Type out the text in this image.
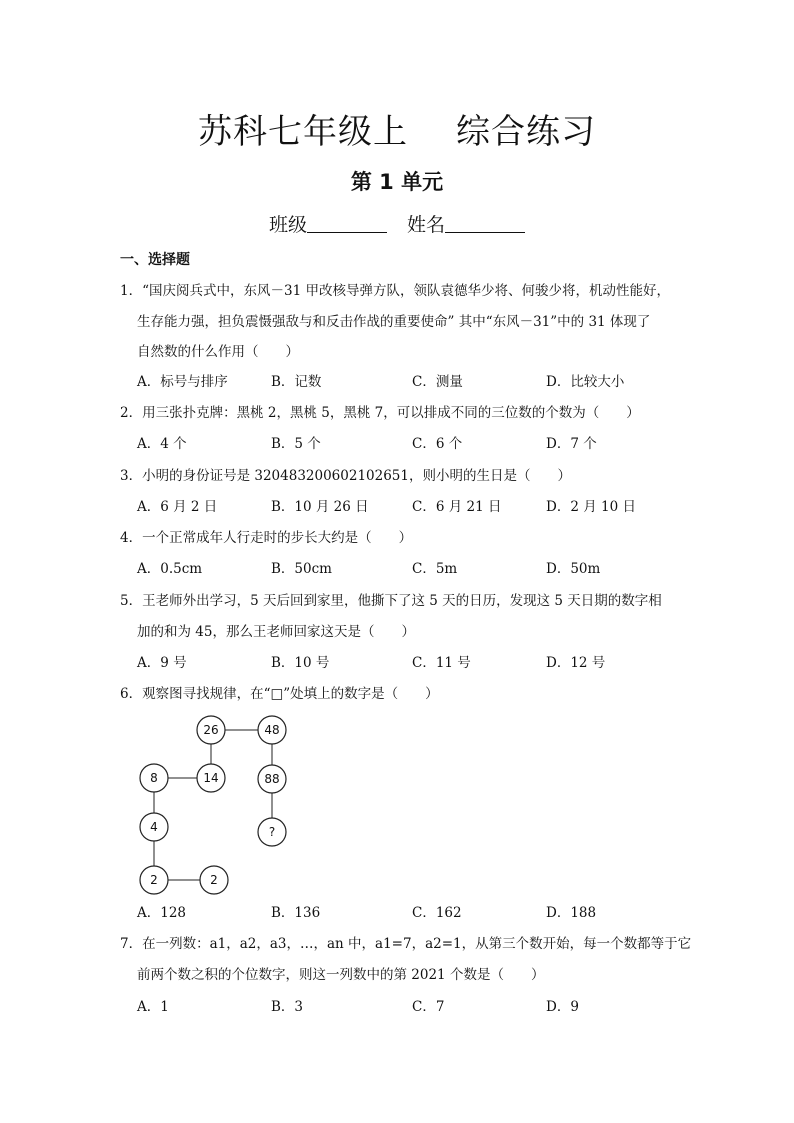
苏科七年级上 综合练习
第 1 单元
班级	姓名
一、选择题
1．“国庆阅兵式中，东风－31 甲改核导弹方队，领队袁德华少将、何骏少将，机动性能好，
生存能力强，担负震慑强敌与和反击作战的重要使命” 其中“东风－31”中的 31 体现了
自然数的什么作用（　　）
A．标号与排序	B．记数	C．测量	D．比较大小
2．用三张扑克牌：黑桃 2，黑桃 5，黑桃 7，可以排成不同的三位数的个数为（　　）
A．4 个	B．5 个	C．6 个	D．7 个
3．小明的身份证号是 320483200602102651，则小明的生日是（　　）
A．6 月 2 日	B．10 月 26 日	C．6 月 21 日	D．2 月 10 日
4．一个正常成年人行走时的步长大约是（　　）
A．0.5cm	B．50cm	C．5m	D．50m
5．王老师外出学习，5 天后回到家里，他撕下了这 5 天的日历，发现这 5 天日期的数字相
加的和为 45，那么王老师回家这天是（　　）
A．9 号	B．10 号	C．11 号	D．12 号
6．观察图寻找规律，在“□”处填上的数字是（　　）
26	48
8	14	88
4	?
2	2
A．128	B．136	C．162	D．188
7．在一列数：a1，a2，a3，…，an 中，a1=7，a2=1，从第三个数开始，每一个数都等于它
前两个数之积的个位数字，则这一列数中的第 2021 个数是（　　）
A．1	B．3	C．7	D．9
